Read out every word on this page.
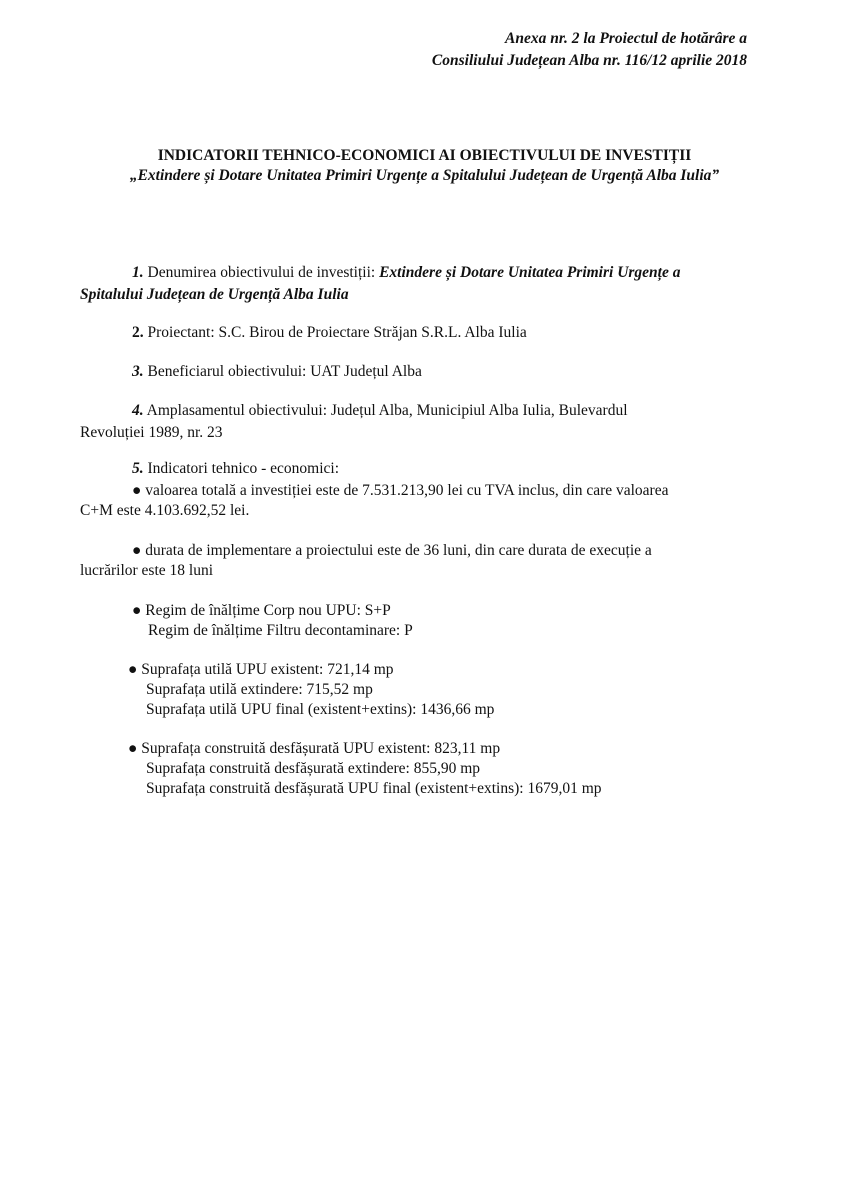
Anexa nr. 2 la Proiectul de hotărâre a
Consiliului Județean Alba nr. 116/12 aprilie 2018
INDICATORII TEHNICO-ECONOMICI AI OBIECTIVULUI DE INVESTIȚII
„Extindere și Dotare Unitatea Primiri Urgențe a Spitalului Județean de Urgență Alba Iulia”
1. Denumirea obiectivului de investiții: Extindere și Dotare Unitatea Primiri Urgențe a
Spitalului Județean de Urgență Alba Iulia
2. Proiectant: S.C. Birou de Proiectare Străjan S.R.L. Alba Iulia
3. Beneficiarul obiectivului: UAT Județul Alba
4. Amplasamentul obiectivului: Județul Alba, Municipiul Alba Iulia, Bulevardul
Revoluției 1989, nr. 23
5. Indicatori tehnico - economici:
● valoarea totală a investiției este de 7.531.213,90 lei cu TVA inclus, din care valoarea
C+M este 4.103.692,52 lei.
● durata de implementare a proiectului este de 36 luni, din care durata de execuție a
lucrărilor este 18 luni
● Regim de înălțime Corp nou UPU: S+P
Regim de înălțime Filtru decontaminare: P
● Suprafața utilă UPU existent: 721,14 mp
Suprafața utilă extindere: 715,52 mp
Suprafața utilă UPU final (existent+extins): 1436,66 mp
● Suprafața construită desfășurată UPU existent: 823,11 mp
Suprafața construită desfășurată extindere: 855,90 mp
Suprafața construită desfășurată UPU final (existent+extins): 1679,01 mp
